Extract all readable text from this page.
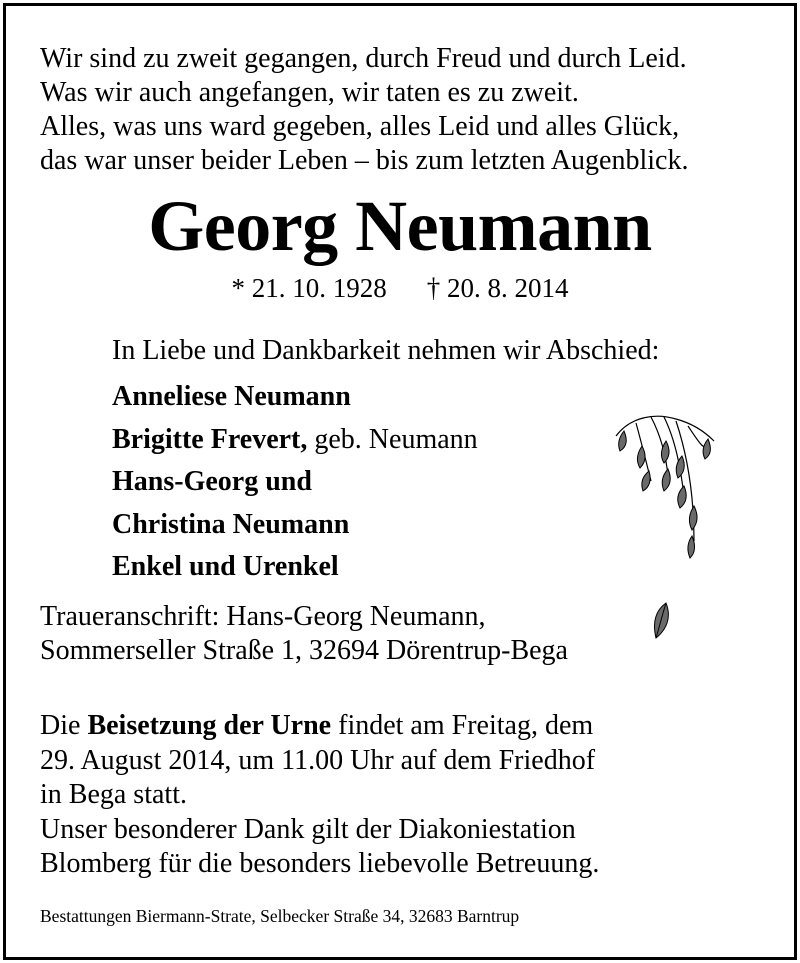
Wir sind zu zweit gegangen, durch Freud und durch Leid.
Was wir auch angefangen, wir taten es zu zweit.
Alles, was uns ward gegeben, alles Leid und alles Glück,
das war unser beider Leben – bis zum letzten Augenblick.
Georg Neumann
* 21. 10. 1928 † 20. 8. 2014
In Liebe und Dankbarkeit nehmen wir Abschied:
Anneliese Neumann
Brigitte Frevert, geb. Neumann
Hans-Georg und
Christina Neumann
Enkel und Urenkel
Traueranschrift: Hans-Georg Neumann,
Sommerseller Straße 1, 32694 Dörentrup-Bega
Die Beisetzung der Urne findet am Freitag, dem
29. August 2014, um 11.00 Uhr auf dem Friedhof
in Bega statt.
Unser besonderer Dank gilt der Diakoniestation
Blomberg für die besonders liebevolle Betreuung.
Bestattungen Biermann-Strate, Selbecker Straße 34, 32683 Barntrup
